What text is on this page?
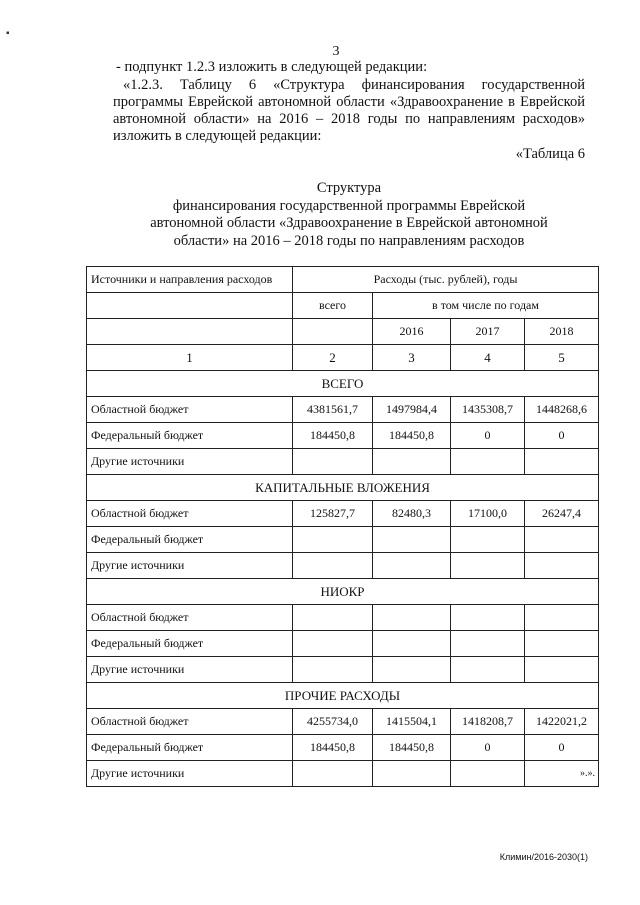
▪
3
- подпункт 1.2.3 изложить в следующей редакции:
«1.2.3. Таблицу 6 «Структура финансирования государственной программы Еврейской автономной области «Здравоохранение в Еврейской автономной области» на 2016 – 2018 годы по направлениям расходов» изложить в следующей редакции:
«Таблица 6
Структура
финансирования государственной программы Еврейской
автономной области «Здравоохранение в Еврейской автономной
области» на 2016 – 2018 годы по направлениям расходов
Источники и направления расходов	Расходы (тыс. рублей), годы			
	всего	в том числе по годам		
		2016	2017	2018
1	2	3	4	5
ВСЕГО				
Областной бюджет	4381561,7	1497984,4	1435308,7	1448268,6
Федеральный бюджет	184450,8	184450,8	0	0
Другие источники				
КАПИТАЛЬНЫЕ ВЛОЖЕНИЯ				
Областной бюджет	125827,7	82480,3	17100,0	26247,4
Федеральный бюджет				
Другие источники				
НИОКР				
Областной бюджет				
Федеральный бюджет				
Другие источники				
ПРОЧИЕ РАСХОДЫ				
Областной бюджет	4255734,0	1415504,1	1418208,7	1422021,2
Федеральный бюджет	184450,8	184450,8	0	0
Другие источники				».».
Климин/2016-2030(1)
